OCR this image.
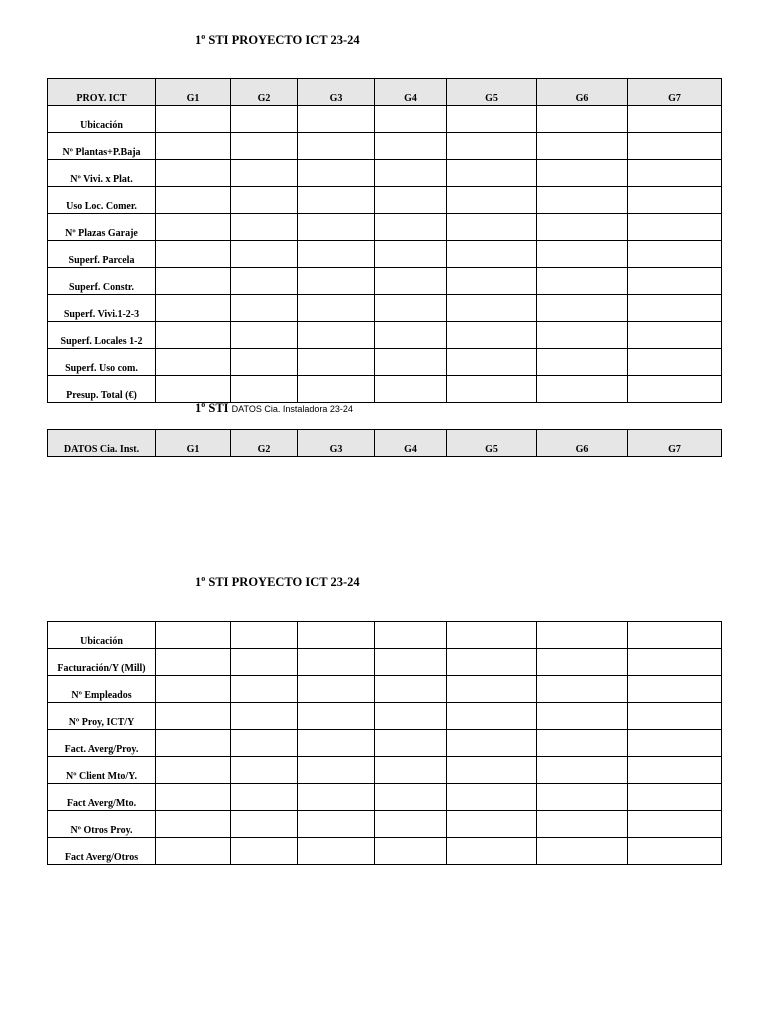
1$^o$ STI PROYECTO ICT 23-24
PROY. ICT	G1	G2	G3	G4	G5	G6	G7
Ubicación							
Nº Plantas+P.Baja							
Nº Vivi. x Plat.							
Uso Loc. Comer.							
Nº Plazas Garaje							
Superf. Parcela							
Superf. Constr.							
Superf. Vivi.1-2-3							
Superf. Locales 1-2							
Superf. Uso com.							
Presup. Total (€)							
1$^o$ STI DATOS Cia. Instaladora 23-24
DATOS Cia. Inst.	G1	G2	G3	G4	G5	G6	G7
1$^o$ STI PROYECTO ICT 23-24
Ubicación							
Facturación/Y (Mill)							
Nº Empleados							
Nº Proy, ICT/Y							
Fact. Averg/Proy.							
Nº Client Mto/Y.							
Fact Averg/Mto.							
Nº Otros Proy.							
Fact Averg/Otros							
